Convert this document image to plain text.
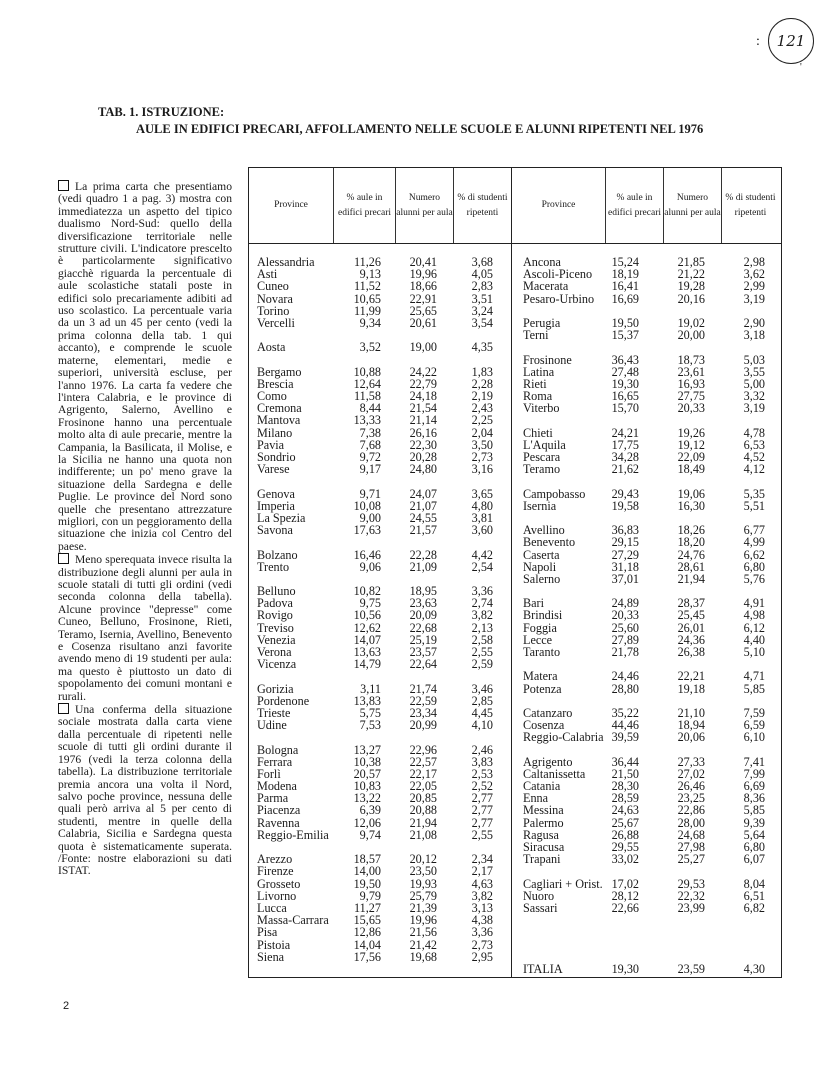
:	121
'
TAB. 1. ISTRUZIONE:
AULE IN EDIFICI PRECARI, AFFOLLAMENTO NELLE SCUOLE E ALUNNI RIPETENTI NEL 1976

La prima carta che presentiamo (vedi quadro 1 a pag. 3) mostra con immediatezza un aspetto del tipico dualismo Nord-Sud: quello della diversificazione territoriale nelle strutture civili. L'indicatore prescelto è particolarmente significativo giacchè riguarda la percentuale di aule scolastiche statali poste in edifici solo precariamente adibiti ad uso scolastico. La percentuale varia da un 3 ad un 45 per cento (vedi la prima colonna della tab. 1 qui accanto), e comprende le scuole materne, elementari, medie e superiori, università escluse, per l'anno 1976. La carta fa vedere che l'intera Calabria, e le province di Agrigento, Salerno, Avellino e Frosinone hanno una percentuale molto alta di aule precarie, mentre la Campania, la Basilicata, il Molise, e la Sicilia ne hanno una quota non indifferente; un po' meno grave la situazione della Sardegna e delle Puglie. Le province del Nord sono quelle che presentano attrezzature migliori, con un peggioramento della situazione che inizia col Centro del paese.

Meno sperequata invece risulta la distribuzione degli alunni per aula in scuole statali di tutti gli ordini (vedi seconda colonna della tabella). Alcune province "depresse" come Cuneo, Belluno, Frosinone, Rieti, Teramo, Isernia, Avellino, Benevento e Cosenza risultano anzi favorite avendo meno di 19 studenti per aula: ma questo è piuttosto un dato di spopolamento dei comuni montani e rurali.

Una conferma della situazione sociale mostrata dalla carta viene dalla percentuale di ripetenti nelle scuole di tutti gli ordini durante il 1976 (vedi la terza colonna della tabella). La distribuzione territoriale premia ancora una volta il Nord, salvo poche province, nessuna delle quali però arriva al 5 per cento di studenti, mentre in quelle della Calabria, Sicilia e Sardegna questa quota è sistematicamente superata. /Fonte: nostre elaborazioni su dati ISTAT.

Province
% aule in edifici precari
Numero alunni per aula
% di studenti ripetenti
Province
% aule in edifici precari
Numero alunni per aula
% di studenti ripetenti
Alessandria
Asti
Cuneo
Novara
Torino
Vercelli
Aosta
Bergamo
Brescia
Como
Cremona
Mantova
Milano
Pavia
Sondrio
Varese
Genova
Imperia
La Spezia
Savona
Bolzano
Trento
Belluno
Padova
Rovigo
Treviso
Venezia
Verona
Vicenza
Gorizia
Pordenone
Trieste
Udine
Bologna
Ferrara
Forlì
Modena
Parma
Piacenza
Ravenna
Reggio-Emilia
Arezzo
Firenze
Grosseto
Livorno
Lucca
Massa-Carrara
Pisa
Pistoia
Siena
11,26
9,13
11,52
10,65
11,99
9,34
3,52
10,88
12,64
11,58
8,44
13,33
7,38
7,68
9,72
9,17
9,71
10,08
9,00
17,63
16,46
9,06
10,82
9,75
10,56
12,62
14,07
13,63
14,79
3,11
13,83
5,75
7,53
13,27
10,38
20,57
10,83
13,22
6,39
12,06
9,74
18,57
14,00
19,50
9,79
11,27
15,65
12,86
14,04
17,56
20,41
19,96
18,66
22,91
25,65
20,61
19,00
24,22
22,79
24,18
21,54
21,14
26,16
22,30
20,28
24,80
24,07
21,07
24,55
21,57
22,28
21,09
18,95
23,63
20,09
22,68
25,19
23,57
22,64
21,74
22,59
23,34
20,99
22,96
22,57
22,17
22,05
20,85
20,88
21,94
21,08
20,12
23,50
19,93
25,79
21,39
19,96
21,56
21,42
19,68
3,68
4,05
2,83
3,51
3,24
3,54
4,35
1,83
2,28
2,19
2,43
2,25
2,04
3,50
2,73
3,16
3,65
4,80
3,81
3,60
4,42
2,54
3,36
2,74
3,82
2,13
2,58
2,55
2,59
3,46
2,85
4,45
4,10
2,46
3,83
2,53
2,52
2,77
2,77
2,77
2,55
2,34
2,17
4,63
3,82
3,13
4,38
3,36
2,73
2,95
Ancona
Ascoli-Piceno
Macerata
Pesaro-Urbino
Perugia
Terni
Frosinone
Latina
Rieti
Roma
Viterbo
Chieti
L'Aquila
Pescara
Teramo
Campobasso
Isernia
Avellino
Benevento
Caserta
Napoli
Salerno
Bari
Brindisi
Foggia
Lecce
Taranto
Matera
Potenza
Catanzaro
Cosenza
Reggio-Calabria
Agrigento
Caltanissetta
Catania
Enna
Messina
Palermo
Ragusa
Siracusa
Trapani
Cagliari + Orist.
Nuoro
Sassari
ITALIA
15,24
18,19
16,41
16,69
19,50
15,37
36,43
27,48
19,30
16,65
15,70
24,21
17,75
34,28
21,62
29,43
19,58
36,83
29,15
27,29
31,18
37,01
24,89
20,33
25,60
27,89
21,78
24,46
28,80
35,22
44,46
39,59
36,44
21,50
28,30
28,59
24,63
25,67
26,88
29,55
33,02
17,02
28,12
22,66
19,30
21,85
21,22
19,28
20,16
19,02
20,00
18,73
23,61
16,93
27,75
20,33
19,26
19,12
22,09
18,49
19,06
16,30
18,26
18,20
24,76
28,61
21,94
28,37
25,45
26,01
24,36
26,38
22,21
19,18
21,10
18,94
20,06
27,33
27,02
26,46
23,25
22,86
28,00
24,68
27,98
25,27
29,53
22,32
23,99
23,59
2,98
3,62
2,99
3,19
2,90
3,18
5,03
3,55
5,00
3,32
3,19
4,78
6,53
4,52
4,12
5,35
5,51
6,77
4,99
6,62
6,80
5,76
4,91
4,98
6,12
4,40
5,10
4,71
5,85
7,59
6,59
6,10
7,41
7,99
6,69
8,36
5,85
9,39
5,64
6,80
6,07
8,04
6,51
6,82
4,30
2
